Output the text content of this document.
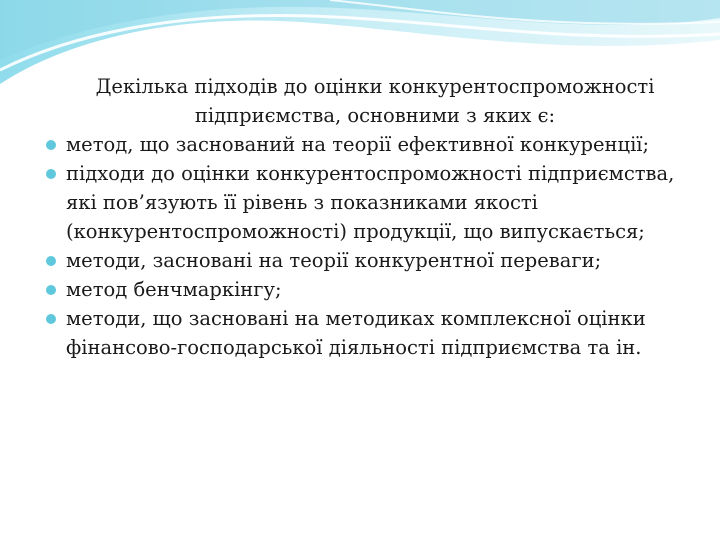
Декілька підходів до оцінки конкурентоспроможності підприємства, основними з яких є:

метод, що заснований на теорії ефективної конкуренції;
підходи до оцінки конкурентоспроможності підприємства, які пов’язують її рівень з показниками якості (конкурентоспроможності) продукції, що випускається;
методи, засновані на теорії конкурентної переваги;
метод бенчмаркінгу;
методи, що засновані на методиках комплексної оцінки фінансово-господарської діяльності підприємства та ін.
